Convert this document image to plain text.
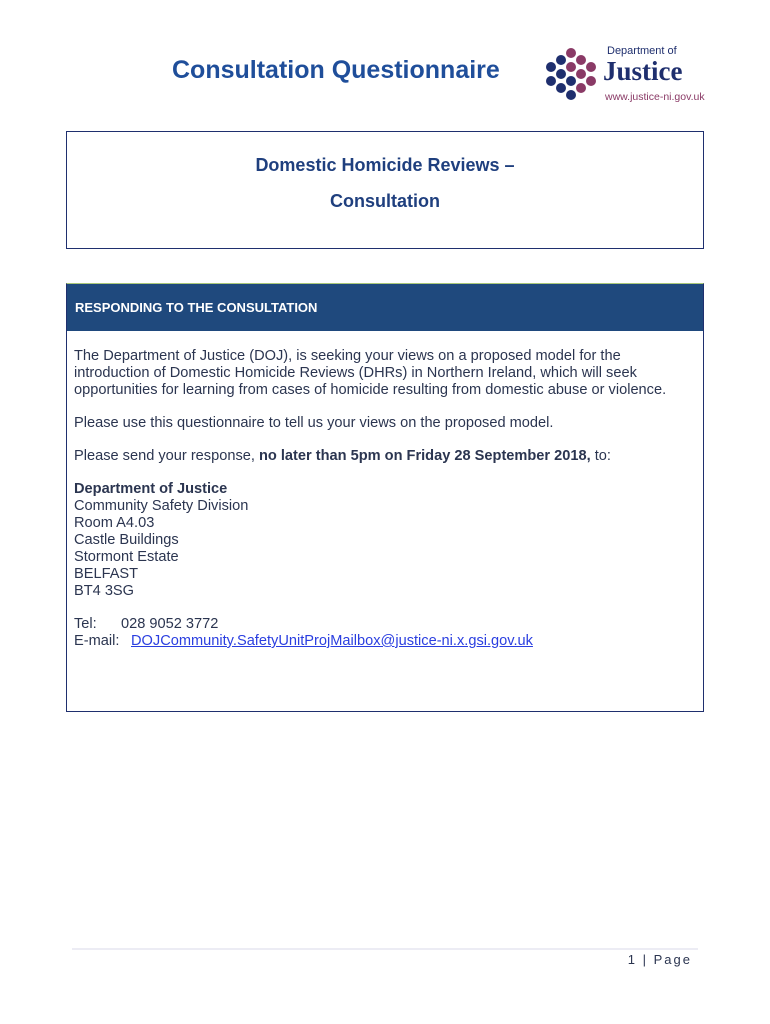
Consultation Questionnaire
Department of
Justice
www.justice-ni.gov.uk
Domestic Homicide Reviews –
Consultation
RESPONDING TO THE CONSULTATION

The Department of Justice (DOJ), is seeking your views on a proposed model for the introduction of Domestic Homicide Reviews (DHRs) in Northern Ireland, which will seek opportunities for learning from cases of homicide resulting from domestic abuse or violence.

Please use this questionnaire to tell us your views on the proposed model.

Please send your response, no later than 5pm on Friday 28 September 2018, to:

Department of Justice
Community Safety Division
Room A4.03
Castle Buildings
Stormont Estate
BELFAST
BT4 3SG

Tel: 028 9052 3772
E-mail: DOJCommunity.SafetyUnitProjMailbox@justice-ni.x.gsi.gov.uk

1 | Page
